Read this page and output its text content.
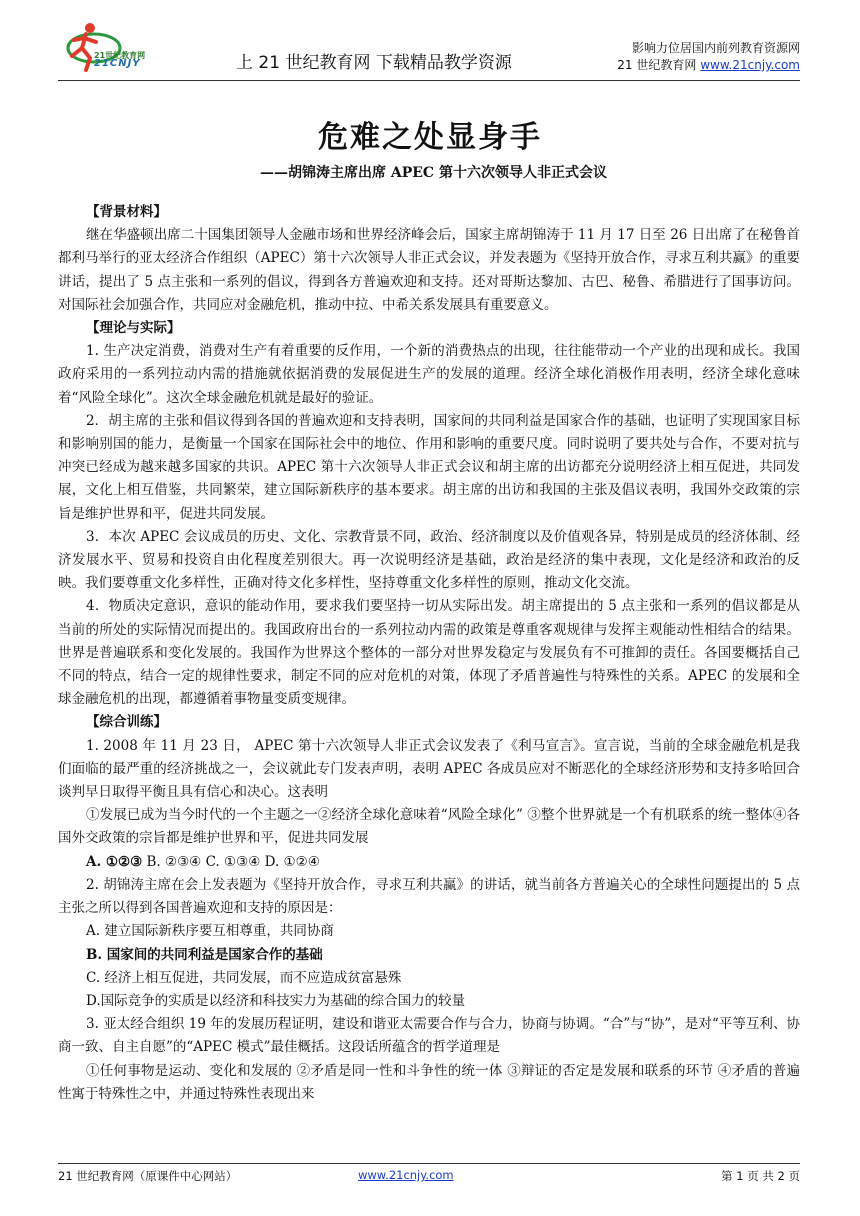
21世纪教育网
21CNJY	上 21 世纪教育网 下载精品教学资源
影响力位居国内前列教育资源网
21 世纪教育网 www.21cnjy.com
危难之处显身手
——胡锦涛主席出席 APEC 第十六次领导人非正式会议

【背景材料】

继在华盛顿出席二十国集团领导人金融市场和世界经济峰会后，国家主席胡锦涛于 11 月 17 日至 26 日出席了在秘鲁首都利马举行的亚太经济合作组织（APEC）第十六次领导人非正式会议，并发表题为《坚持开放合作，寻求互利共赢》的重要讲话，提出了 5 点主张和一系列的倡议，得到各方普遍欢迎和支持。还对哥斯达黎加、古巴、秘鲁、希腊进行了国事访问。对国际社会加强合作，共同应对金融危机，推动中拉、中希关系发展具有重要意义。

【理论与实际】

1. 生产决定消费，消费对生产有着重要的反作用，一个新的消费热点的出现，往往能带动一个产业的出现和成长。我国政府采用的一系列拉动内需的措施就依据消费的发展促进生产的发展的道理。经济全球化消极作用表明，经济全球化意味着“风险全球化”。这次全球金融危机就是最好的验证。

2．胡主席的主张和倡议得到各国的普遍欢迎和支持表明，国家间的共同利益是国家合作的基础，也证明了实现国家目标和影响别国的能力，是衡量一个国家在国际社会中的地位、作用和影响的重要尺度。同时说明了要共处与合作，不要对抗与冲突已经成为越来越多国家的共识。APEC 第十六次领导人非正式会议和胡主席的出访都充分说明经济上相互促进，共同发展，文化上相互借鉴，共同繁荣，建立国际新秩序的基本要求。胡主席的出访和我国的主张及倡议表明，我国外交政策的宗旨是维护世界和平，促进共同发展。

3．本次 APEC 会议成员的历史、文化、宗教背景不同，政治、经济制度以及价值观各异，特别是成员的经济体制、经济发展水平、贸易和投资自由化程度差别很大。再一次说明经济是基础，政治是经济的集中表现，文化是经济和政治的反映。我们要尊重文化多样性，正确对待文化多样性，坚持尊重文化多样性的原则，推动文化交流。

4．物质决定意识，意识的能动作用，要求我们要坚持一切从实际出发。胡主席提出的 5 点主张和一系列的倡议都是从当前的所处的实际情况而提出的。我国政府出台的一系列拉动内需的政策是尊重客观规律与发挥主观能动性相结合的结果。世界是普遍联系和变化发展的。我国作为世界这个整体的一部分对世界发稳定与发展负有不可推卸的责任。各国要概括自己不同的特点，结合一定的规律性要求，制定不同的应对危机的对策，体现了矛盾普遍性与特殊性的关系。APEC 的发展和全球金融危机的出现，都遵循着事物量变质变规律。

【综合训练】

1. 2008 年 11 月 23 日， APEC 第十六次领导人非正式会议发表了《利马宣言》。宣言说，当前的全球金融危机是我们面临的最严重的经济挑战之一，会议就此专门发表声明，表明 APEC 各成员应对不断恶化的全球经济形势和支持多哈回合谈判早日取得平衡且具有信心和决心。这表明

①发展已成为当今时代的一个主题之一②经济全球化意味着“风险全球化” ③整个世界就是一个有机联系的统一整体④各国外交政策的宗旨都是维护世界和平，促进共同发展

A. ①②③ B. ②③④ C. ①③④ D. ①②④

2. 胡锦涛主席在会上发表题为《坚持开放合作，寻求互利共赢》的讲话，就当前各方普遍关心的全球性问题提出的 5 点主张之所以得到各国普遍欢迎和支持的原因是：

A. 建立国际新秩序要互相尊重，共同协商

B. 国家间的共同利益是国家合作的基础

C. 经济上相互促进，共同发展，而不应造成贫富悬殊

D.国际竞争的实质是以经济和科技实力为基础的综合国力的较量

3. 亚太经合组织 19 年的发展历程证明，建设和谐亚太需要合作与合力，协商与协调。“合”与“协”，是对“平等互利、协商一致、自主自愿”的“APEC 模式”最佳概括。这段话所蕴含的哲学道理是

①任何事物是运动、变化和发展的 ②矛盾是同一性和斗争性的统一体 ③辩证的否定是发展和联系的环节 ④矛盾的普遍性寓于特殊性之中，并通过特殊性表现出来

21 世纪教育网（原课件中心网站）	www.21cnjy.com	第 1 页 共 2 页
